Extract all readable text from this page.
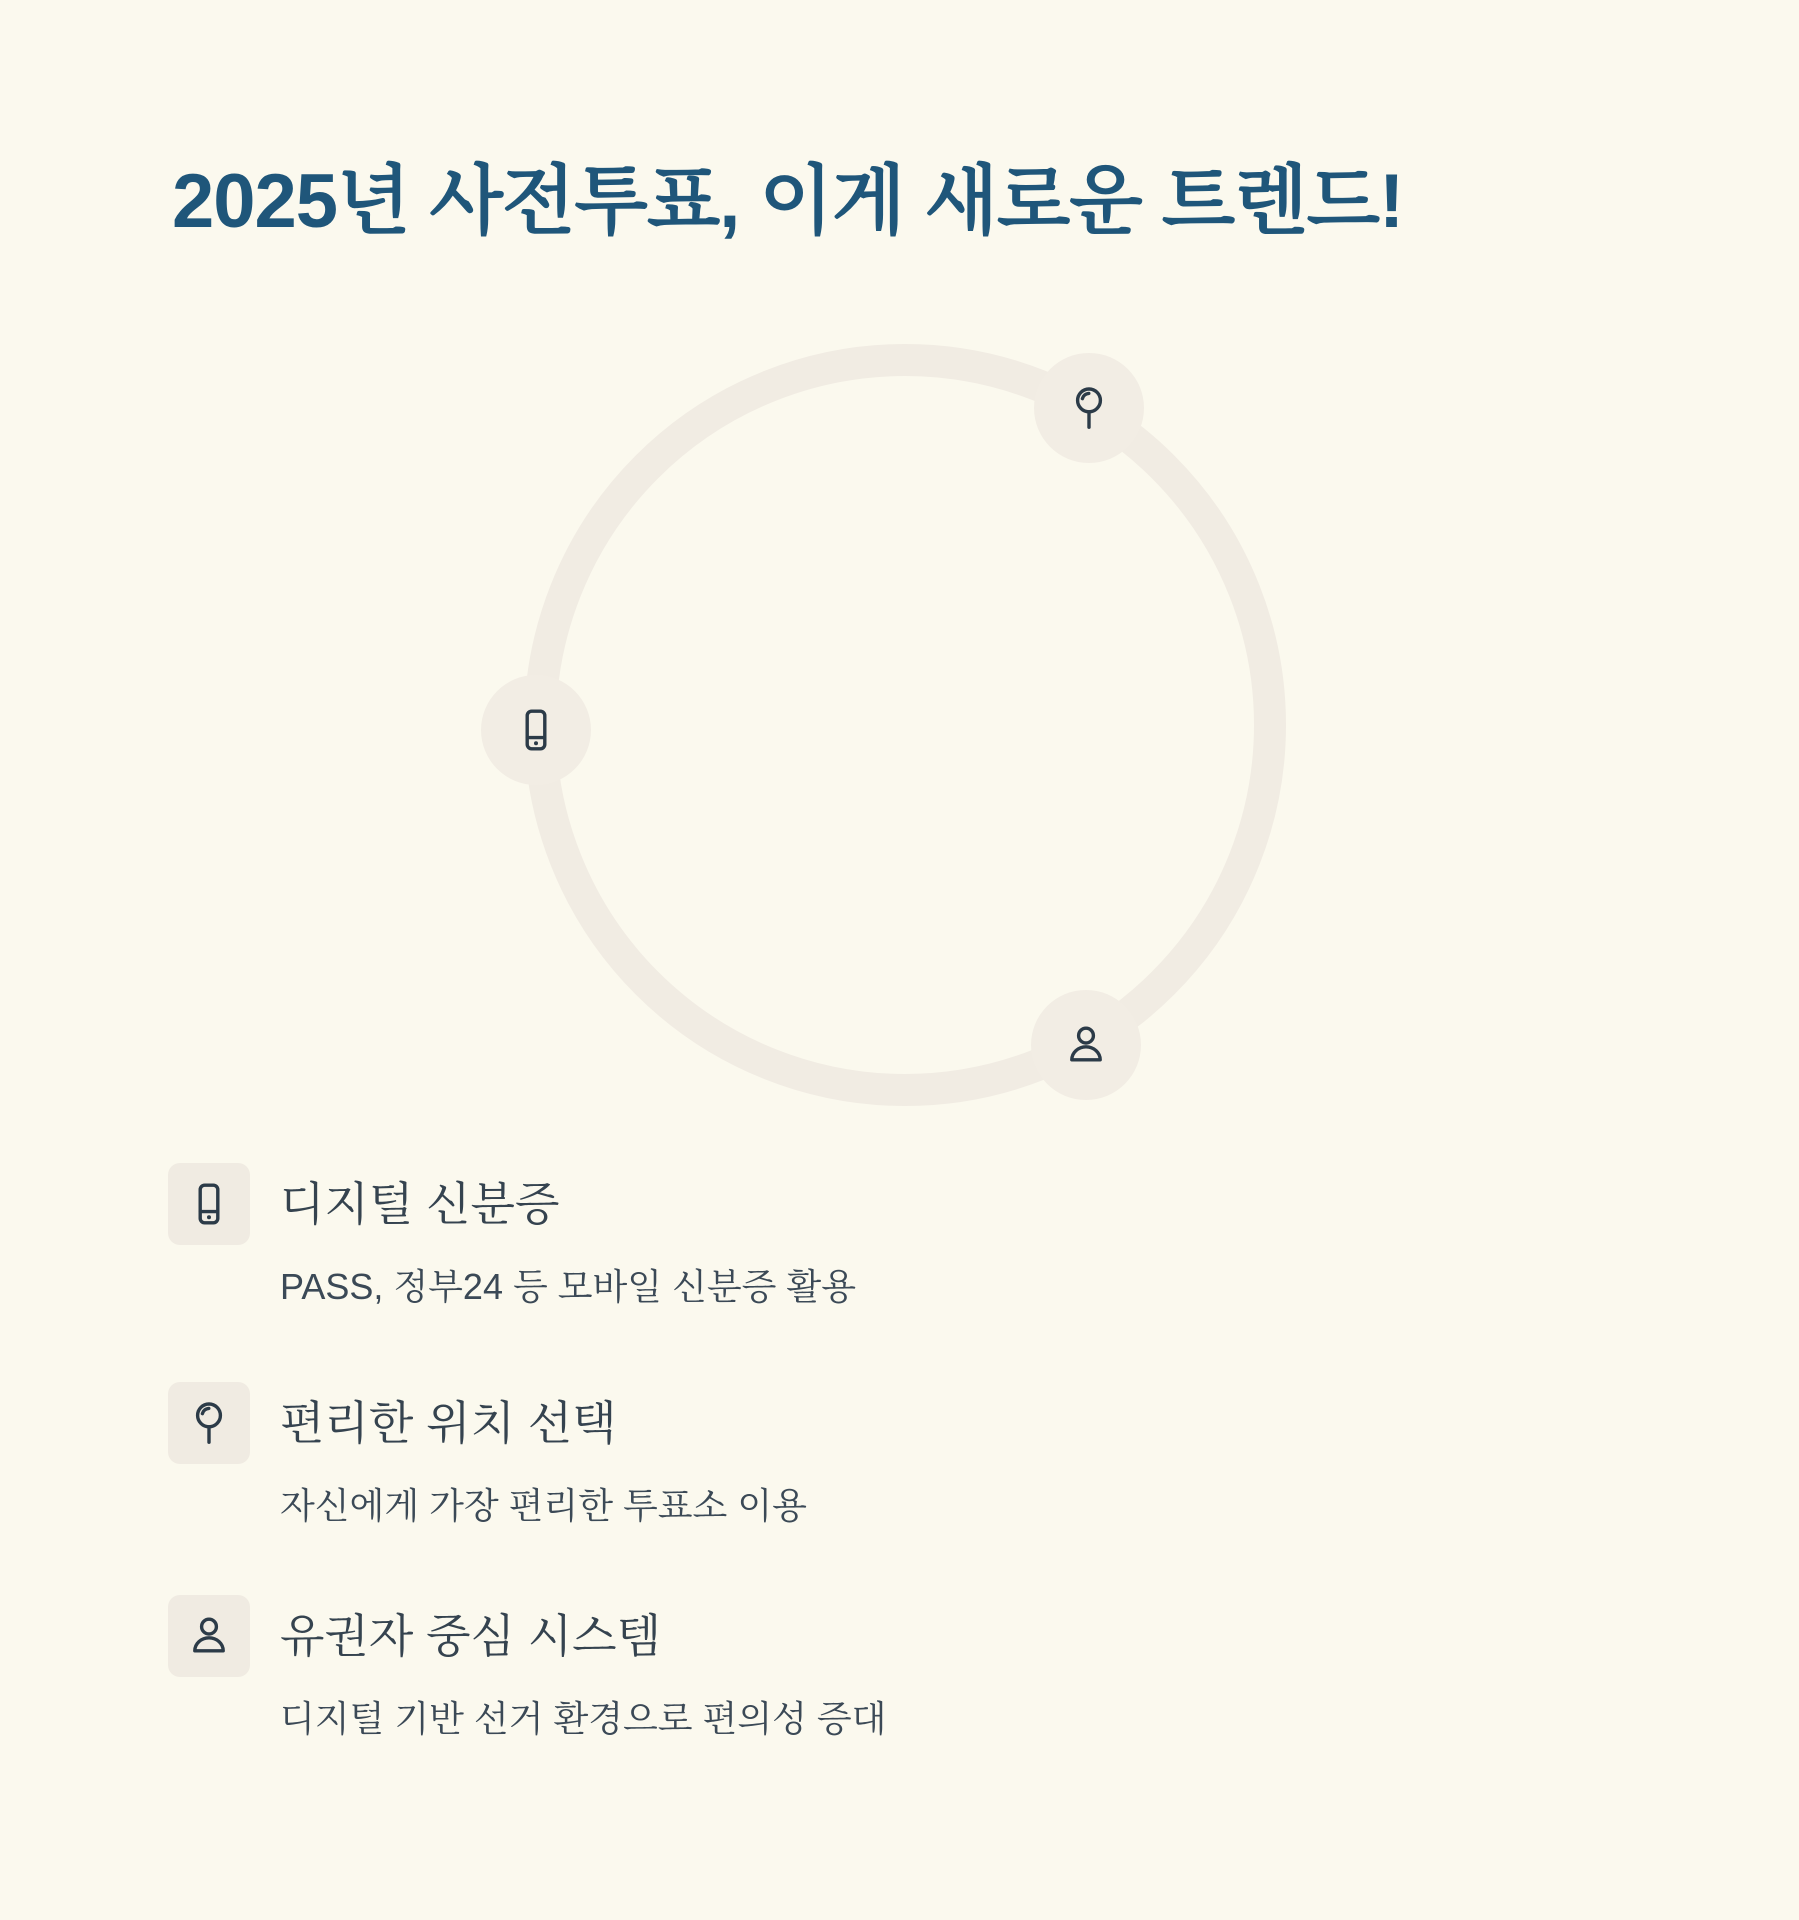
2025년 사전투표, 이게 새로운 트렌드!
디지털 신분증

PASS, 정부24 등 모바일 신분증 활용

편리한 위치 선택

자신에게 가장 편리한 투표소 이용

유권자 중심 시스템

디지털 기반 선거 환경으로 편의성 증대
